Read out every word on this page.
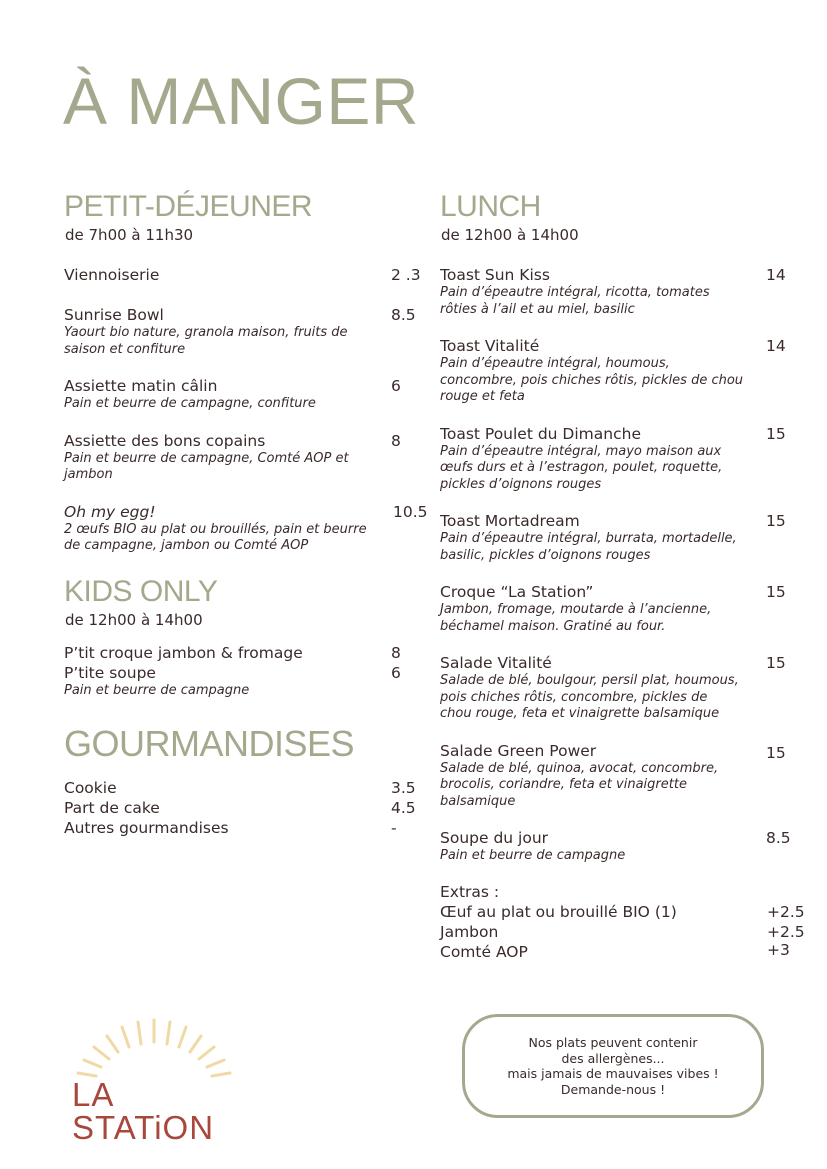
À MANGER
PETIT-DÉJEUNER
de 7h00 à 11h30
Viennoiserie	2 .3
Sunrise Bowl	8.5
Yaourt bio nature, granola maison, fruits de saison et confiture
Assiette matin câlin	6
Pain et beurre de campagne, confiture
Assiette des bons copains	8
Pain et beurre de campagne, Comté AOP et jambon
Oh my egg!	10.5
2 œufs BIO au plat ou brouillés, pain et beurre de campagne, jambon ou Comté AOP
KIDS ONLY
de 12h00 à 14h00
P’tit croque jambon & fromage	8
P’tite soupe	6
Pain et beurre de campagne
GOURMANDISES
Cookie	3.5
Part de cake	4.5
Autres gourmandises	-
LUNCH
de 12h00 à 14h00
Toast Sun Kiss	14
Pain d’épeautre intégral, ricotta, tomates rôties à l’ail et au miel, basilic
Toast Vitalité	14
Pain d’épeautre intégral, houmous, concombre, pois chiches rôtis, pickles de chou rouge et feta
Toast Poulet du Dimanche	15
Pain d’épeautre intégral, mayo maison aux œufs durs et à l’estragon, poulet, roquette, pickles d’oignons rouges
Toast Mortadream	15
Pain d’épeautre intégral, burrata, mortadelle, basilic, pickles d’oignons rouges
Croque “La Station”	15
Jambon, fromage, moutarde à l’ancienne, béchamel maison. Gratiné au four.
Salade Vitalité	15
Salade de blé, boulgour, persil plat, houmous, pois chiches rôtis, concombre, pickles de chou rouge, feta et vinaigrette balsamique
Salade Green Power	15
Salade de blé, quinoa, avocat, concombre, brocolis, coriandre, feta et vinaigrette balsamique
Soupe du jour	8.5
Pain et beurre de campagne
Extras :
Œuf au plat ou brouillé BIO (1)	+2.5
Jambon	+2.5
Comté AOP	+3
LA STATiON
Nos plats peuvent contenir
des allergènes...
mais jamais de mauvaises vibes !
Demande-nous !
